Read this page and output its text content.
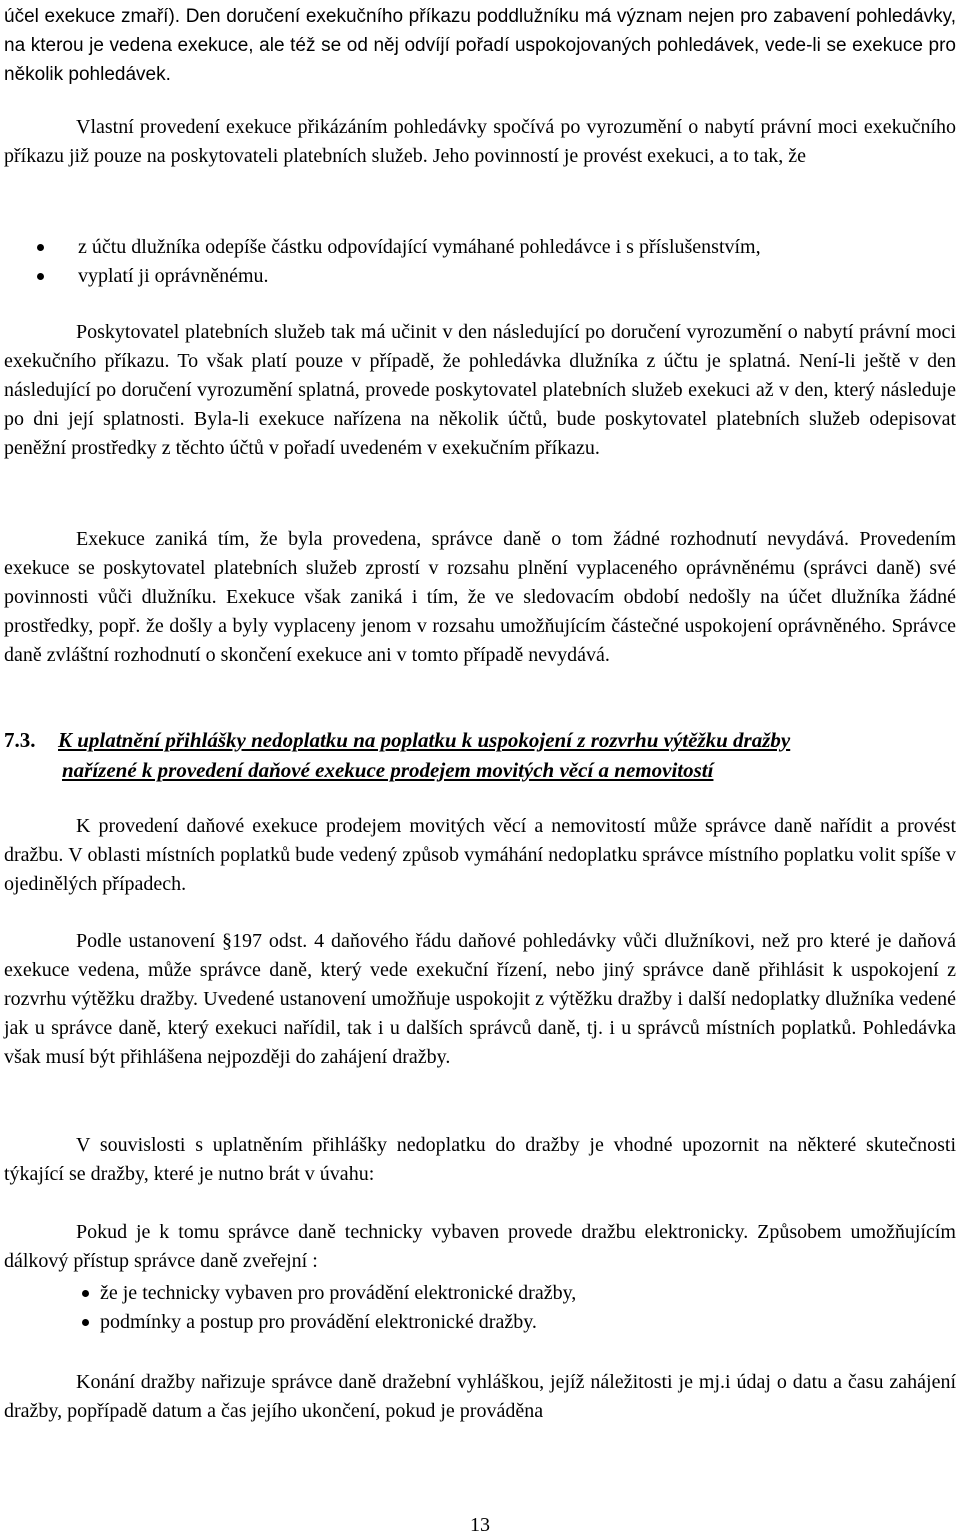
účel exekuce zmaří). Den doručení exekučního příkazu poddlužníku má význam nejen pro zabavení pohledávky, na kterou je vedena exekuce, ale též se od něj odvíjí pořadí uspokojovaných pohledávek, vede-li se exekuce pro několik pohledávek.

Vlastní provedení exekuce přikázáním pohledávky spočívá po vyrozumění o nabytí právní moci exekučního příkazu již pouze na poskytovateli platebních služeb. Jeho povinností je provést exekuci, a to tak, že

z účtu dlužníka odepíše částku odpovídající vymáhané pohledávce i s příslušenstvím,
vyplatí ji oprávněnému.

Poskytovatel platebních služeb tak má učinit v den následující po doručení vyrozumění o nabytí právní moci exekučního příkazu. To však platí pouze v případě, že pohledávka dlužníka z účtu je splatná. Není-li ještě v den následující po doručení vyrozumění splatná, provede poskytovatel platebních služeb exekuci až v den, který následuje po dni její splatnosti. Byla-li exekuce nařízena na několik účtů, bude poskytovatel platebních služeb odepisovat peněžní prostředky z těchto účtů v pořadí uvedeném v exekučním příkazu.

Exekuce zaniká tím, že byla provedena, správce daně o tom žádné rozhodnutí nevydává. Provedením exekuce se poskytovatel platebních služeb zprostí v rozsahu plnění vyplaceného oprávněnému (správci daně) své povinnosti vůči dlužníku. Exekuce však zaniká i tím, že ve sledovacím období nedošly na účet dlužníka žádné prostředky, popř. že došly a byly vyplaceny jenom v rozsahu umožňujícím částečné uspokojení oprávněného. Správce daně zvláštní rozhodnutí o skončení exekuce ani v tomto případě nevydává.

7.3. K uplatnění přihlášky nedoplatku na poplatku k uspokojení z rozvrhu výtěžku dražby
nařízené k provedení daňové exekuce prodejem movitých věcí a nemovitostí

K provedení daňové exekuce prodejem movitých věcí a nemovitostí může správce daně nařídit a provést dražbu. V oblasti místních poplatků bude vedený způsob vymáhání nedoplatku správce místního poplatku volit spíše v ojedinělých případech.

Podle ustanovení §197 odst. 4 daňového řádu daňové pohledávky vůči dlužníkovi, než pro které je daňová exekuce vedena, může správce daně, který vede exekuční řízení, nebo jiný správce daně přihlásit k uspokojení z rozvrhu výtěžku dražby. Uvedené ustanovení umožňuje uspokojit z výtěžku dražby i další nedoplatky dlužníka vedené jak u správce daně, který exekuci nařídil, tak i u dalších správců daně, tj. i u správců místních poplatků. Pohledávka však musí být přihlášena nejpozději do zahájení dražby.

V souvislosti s uplatněním přihlášky nedoplatku do dražby je vhodné upozornit na některé skutečnosti týkající se dražby, které je nutno brát v úvahu:

Pokud je k tomu správce daně technicky vybaven provede dražbu elektronicky. Způsobem umožňujícím dálkový přístup správce daně zveřejní :

že je technicky vybaven pro provádění elektronické dražby,
podmínky a postup pro provádění elektronické dražby.

Konání dražby nařizuje správce daně dražební vyhláškou, jejíž náležitosti je mj.i údaj o datu a času zahájení dražby, popřípadě datum a čas jejího ukončení, pokud je prováděna

13
